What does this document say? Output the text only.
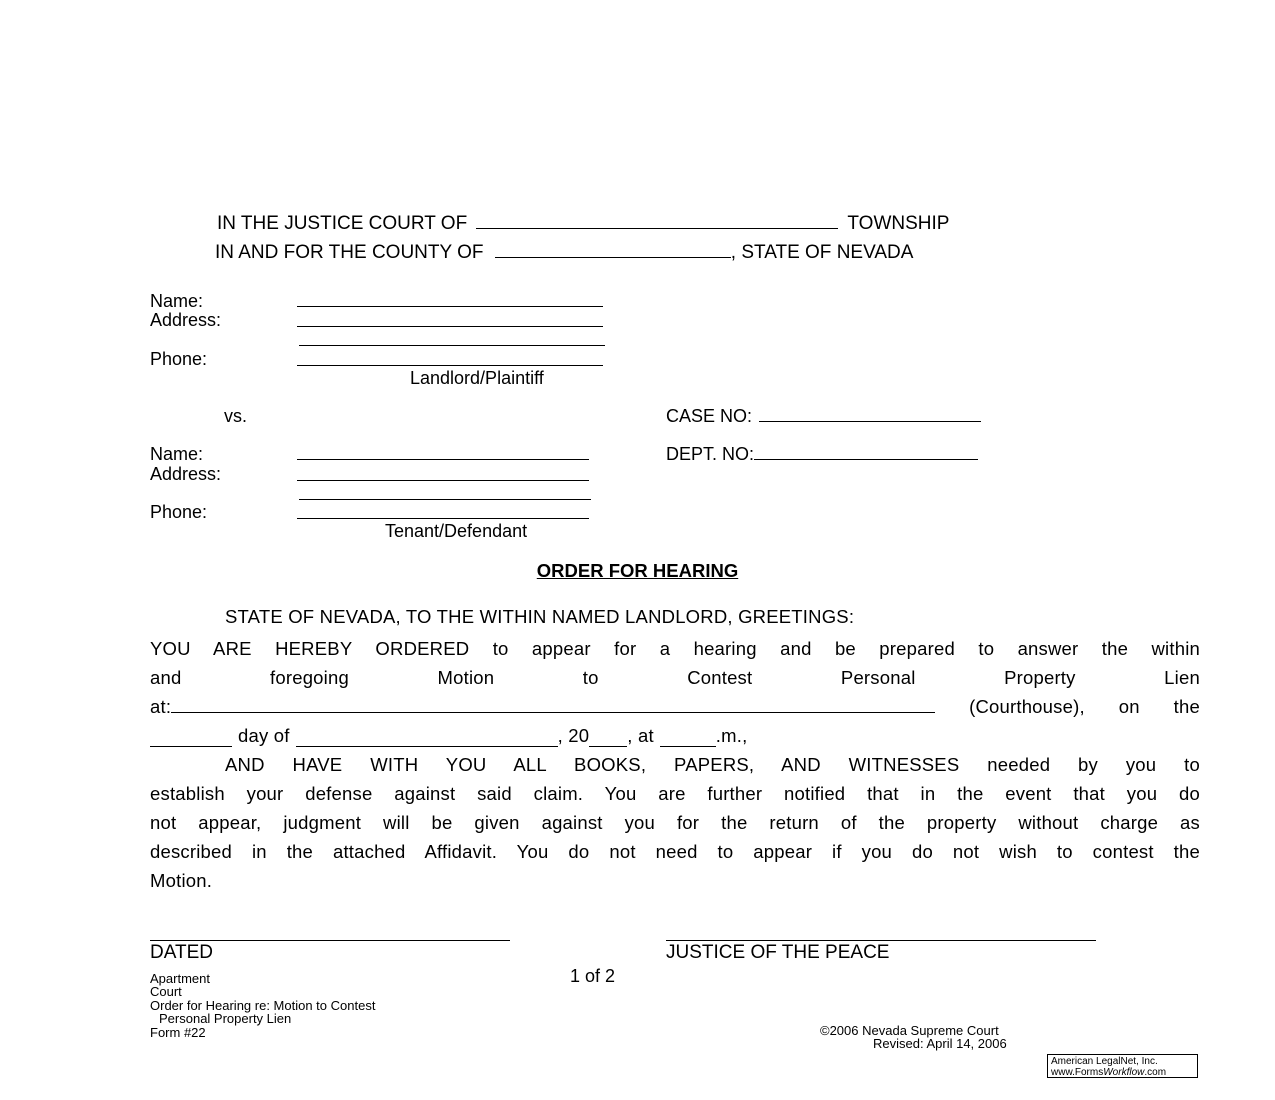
IN THE JUSTICE COURT OF	TOWNSHIP
IN AND FOR THE COUNTY OF	, STATE OF NEVADA
Name:
Address:
Phone:
Landlord/Plaintiff
vs.	CASE NO:
DEPT. NO:
Name:
Address:
Phone:
Tenant/Defendant
ORDER FOR HEARING
STATE OF NEVADA, TO THE WITHIN NAMED LANDLORD, GREETINGS:
YOU ARE HEREBY ORDERED to appear for a hearing and be prepared to answer the within
and	foregoing	Motion	to	Contest	Personal	Property	Lien
at:	(Courthouse), on the
day of	, 20 , at	.m.,
AND HAVE WITH YOU ALL BOOKS, PAPERS, AND WITNESSES needed by you to
establish your defense against said claim. You are further notified that in the event that you do
not appear, judgment will be given against you for the return of the property without charge as
described in the attached Affidavit. You do not need to appear if you do not wish to contest the
Motion.
DATED	JUSTICE OF THE PEACE
Apartment
Court
Order for Hearing re: Motion to Contest
Personal Property Lien
Form #22
1 of 2
©2006 Nevada Supreme Court
Revised: April 14, 2006
American LegalNet, Inc.
www.FormsWorkflow.com
